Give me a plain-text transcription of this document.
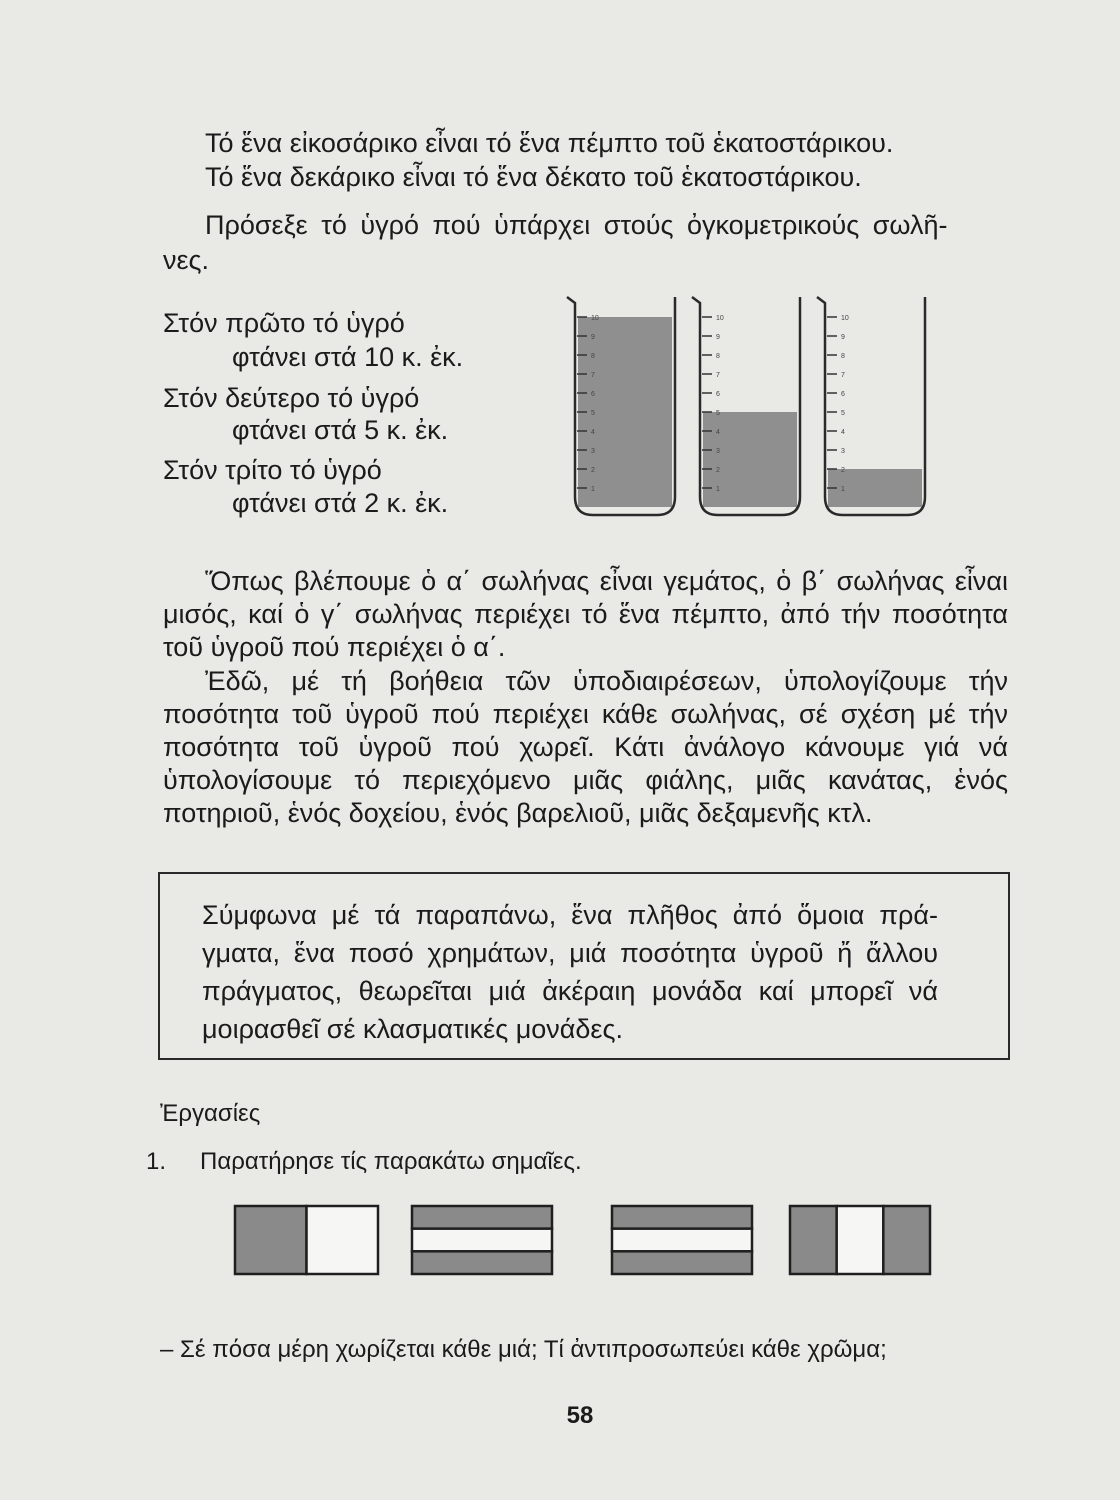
Τό ἕνα εἰκοσάρικο εἶναι τό ἕνα πέμπτο τοῦ ἑκατοστάρικου.
Τό ἕνα δεκάρικο εἶναι τό ἕνα δέκατο τοῦ ἑκατοστάρικου.
Πρόσεξε τό ὑγρό πού ὑπάρχει στούς ὀγκομετρικούς σωλῆ-
νες.
Στόν πρῶτο τό ὑγρό
φτάνει στά 10 κ. ἐκ.
Στόν δεύτερο τό ὑγρό
φτάνει στά 5 κ. ἐκ.
Στόν τρίτο τό ὑγρό
φτάνει στά 2 κ. ἐκ.	1
2
3
4
5
6
7
8
9
10
1
2
3
4
5
6
7
8
9
10
1
2
3
4
5
6
7
8
9
10
Ὅπως βλέπουμε ὁ α΄ σωλήνας εἶναι γεμάτος, ὁ β΄ σωλήνας εἶναι μισός, καί ὁ γ΄ σωλήνας περιέχει τό ἕνα πέμπτο, ἀπό τήν ποσότητα τοῦ ὑγροῦ πού περιέχει ὁ α΄.
Ἐδῶ, μέ τή βοήθεια τῶν ὑποδιαιρέσεων, ὑπολογίζουμε τήν ποσότητα τοῦ ὑγροῦ πού περιέχει κάθε σωλήνας, σέ σχέση μέ τήν ποσότητα τοῦ ὑγροῦ πού χωρεῖ. Κάτι ἀνάλογο κάνουμε γιά νά ὑπολογίσουμε τό περιεχόμενο μιᾶς φιάλης, μιᾶς κανάτας, ἑνός ποτηριοῦ, ἑνός δοχείου, ἑνός βαρελιοῦ, μιᾶς δεξαμενῆς κτλ.
Σύμφωνα μέ τά παραπάνω, ἕνα πλῆθος ἀπό ὅμοια πρά- γματα, ἕνα ποσό χρημάτων, μιά ποσότητα ὑγροῦ ἤ ἄλλου πράγματος, θεωρεῖται μιά ἀκέραιη μονάδα καί μπορεῖ νά μοιρασθεῖ σέ κλασματικές μονάδες.
Ἐργασίες
1. Παρατήρησε τίς παρακάτω σημαῖες.
– Σέ πόσα μέρη χωρίζεται κάθε μιά; Τί ἀντιπροσωπεύει κάθε χρῶμα;
58
